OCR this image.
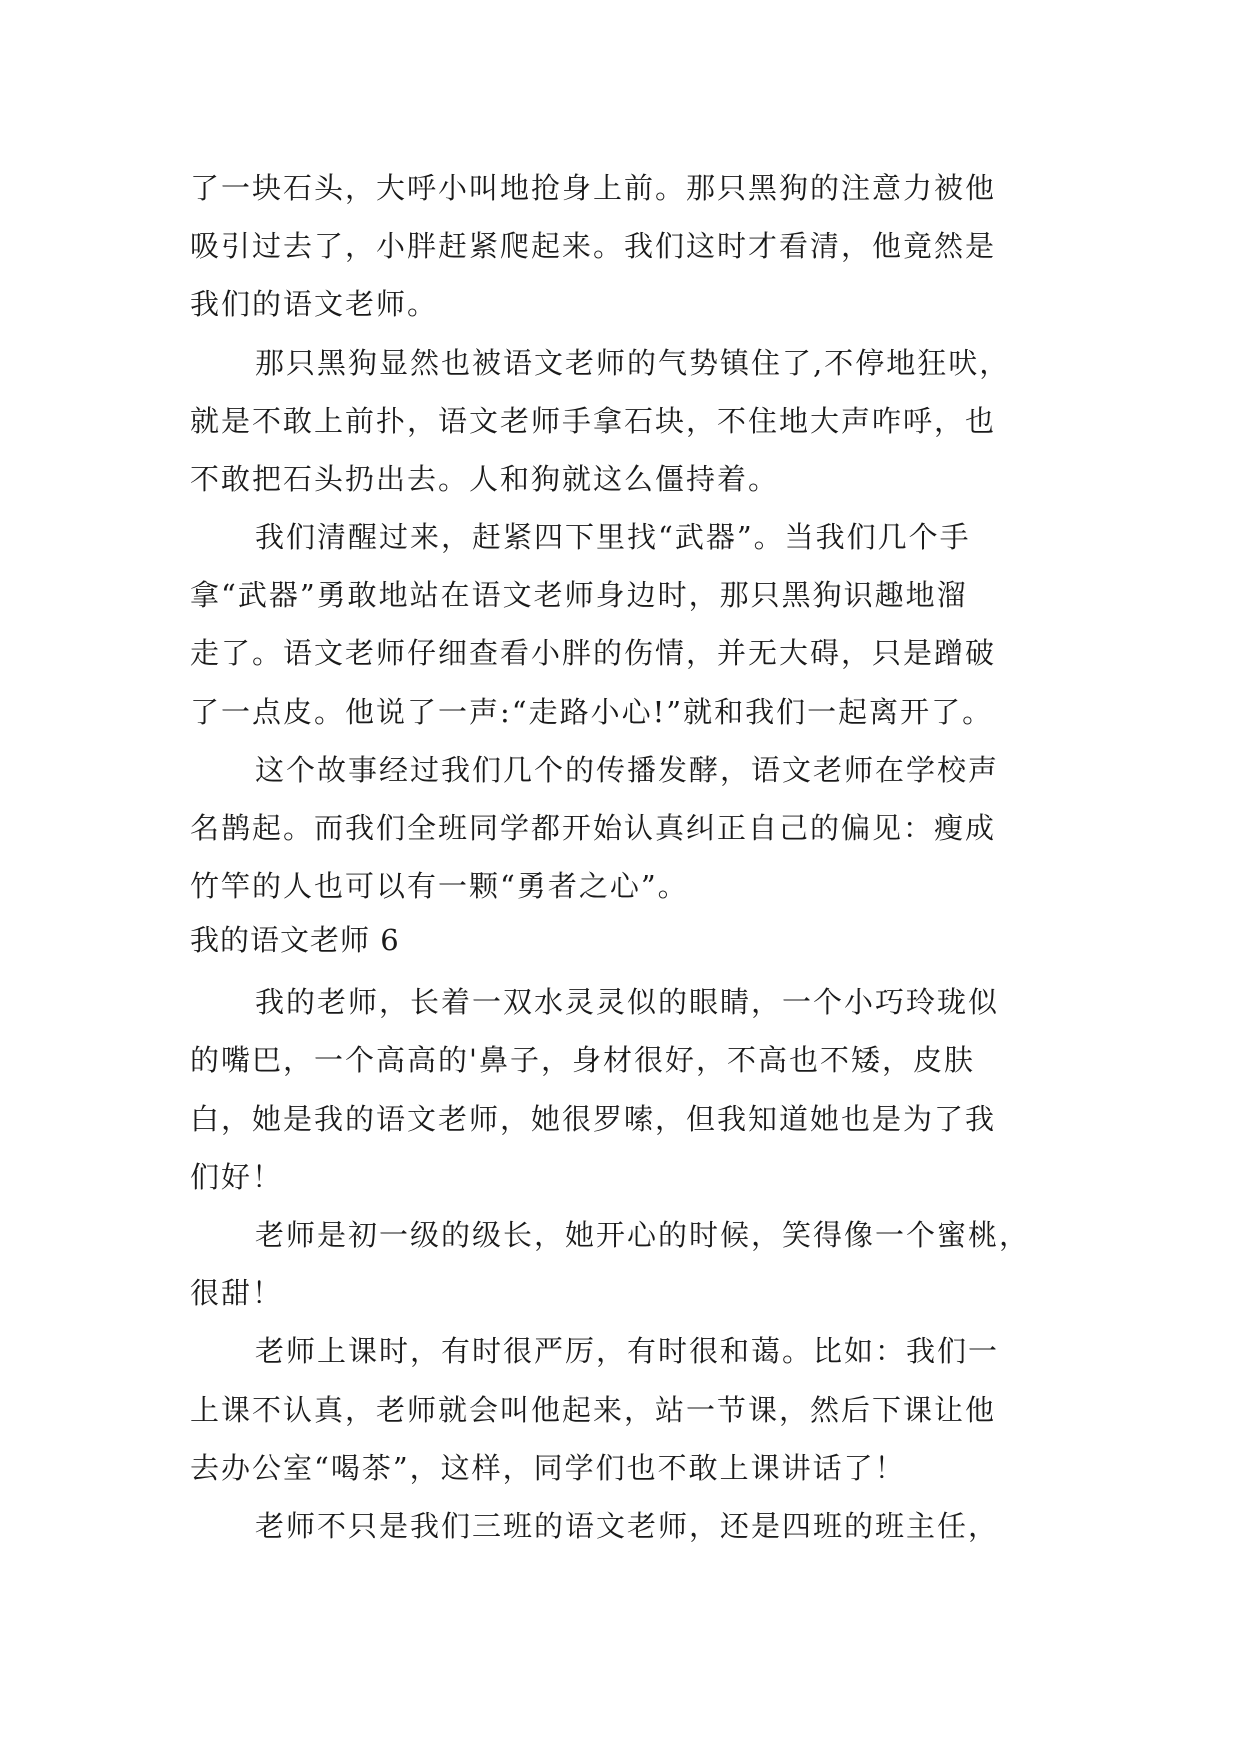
了一块石头，大呼小叫地抢身上前。那只黑狗的注意力被他
吸引过去了，小胖赶紧爬起来。我们这时才看清，他竟然是
我们的语文老师。
那只黑狗显然也被语文老师的气势镇住了,不停地狂吠，
就是不敢上前扑，语文老师手拿石块，不住地大声咋呼，也
不敢把石头扔出去。人和狗就这么僵持着。
我们清醒过来，赶紧四下里找“武器”。当我们几个手
拿“武器”勇敢地站在语文老师身边时，那只黑狗识趣地溜
走了。语文老师仔细查看小胖的伤情，并无大碍，只是蹭破
了一点皮。他说了一声:“走路小心!”就和我们一起离开了。
这个故事经过我们几个的传播发酵，语文老师在学校声
名鹊起。而我们全班同学都开始认真纠正自己的偏见：瘦成
竹竿的人也可以有一颗“勇者之心”。
我的语文老师 6
我的老师，长着一双水灵灵似的眼睛，一个小巧玲珑似
的嘴巴，一个高高的'鼻子，身材很好，不高也不矮，皮肤
白，她是我的语文老师，她很罗嗦，但我知道她也是为了我
们好！
老师是初一级的级长，她开心的时候，笑得像一个蜜桃，
很甜！
老师上课时，有时很严厉，有时很和蔼。比如：我们一
上课不认真，老师就会叫他起来，站一节课，然后下课让他
去办公室“喝茶”，这样，同学们也不敢上课讲话了！
老师不只是我们三班的语文老师，还是四班的班主任，
